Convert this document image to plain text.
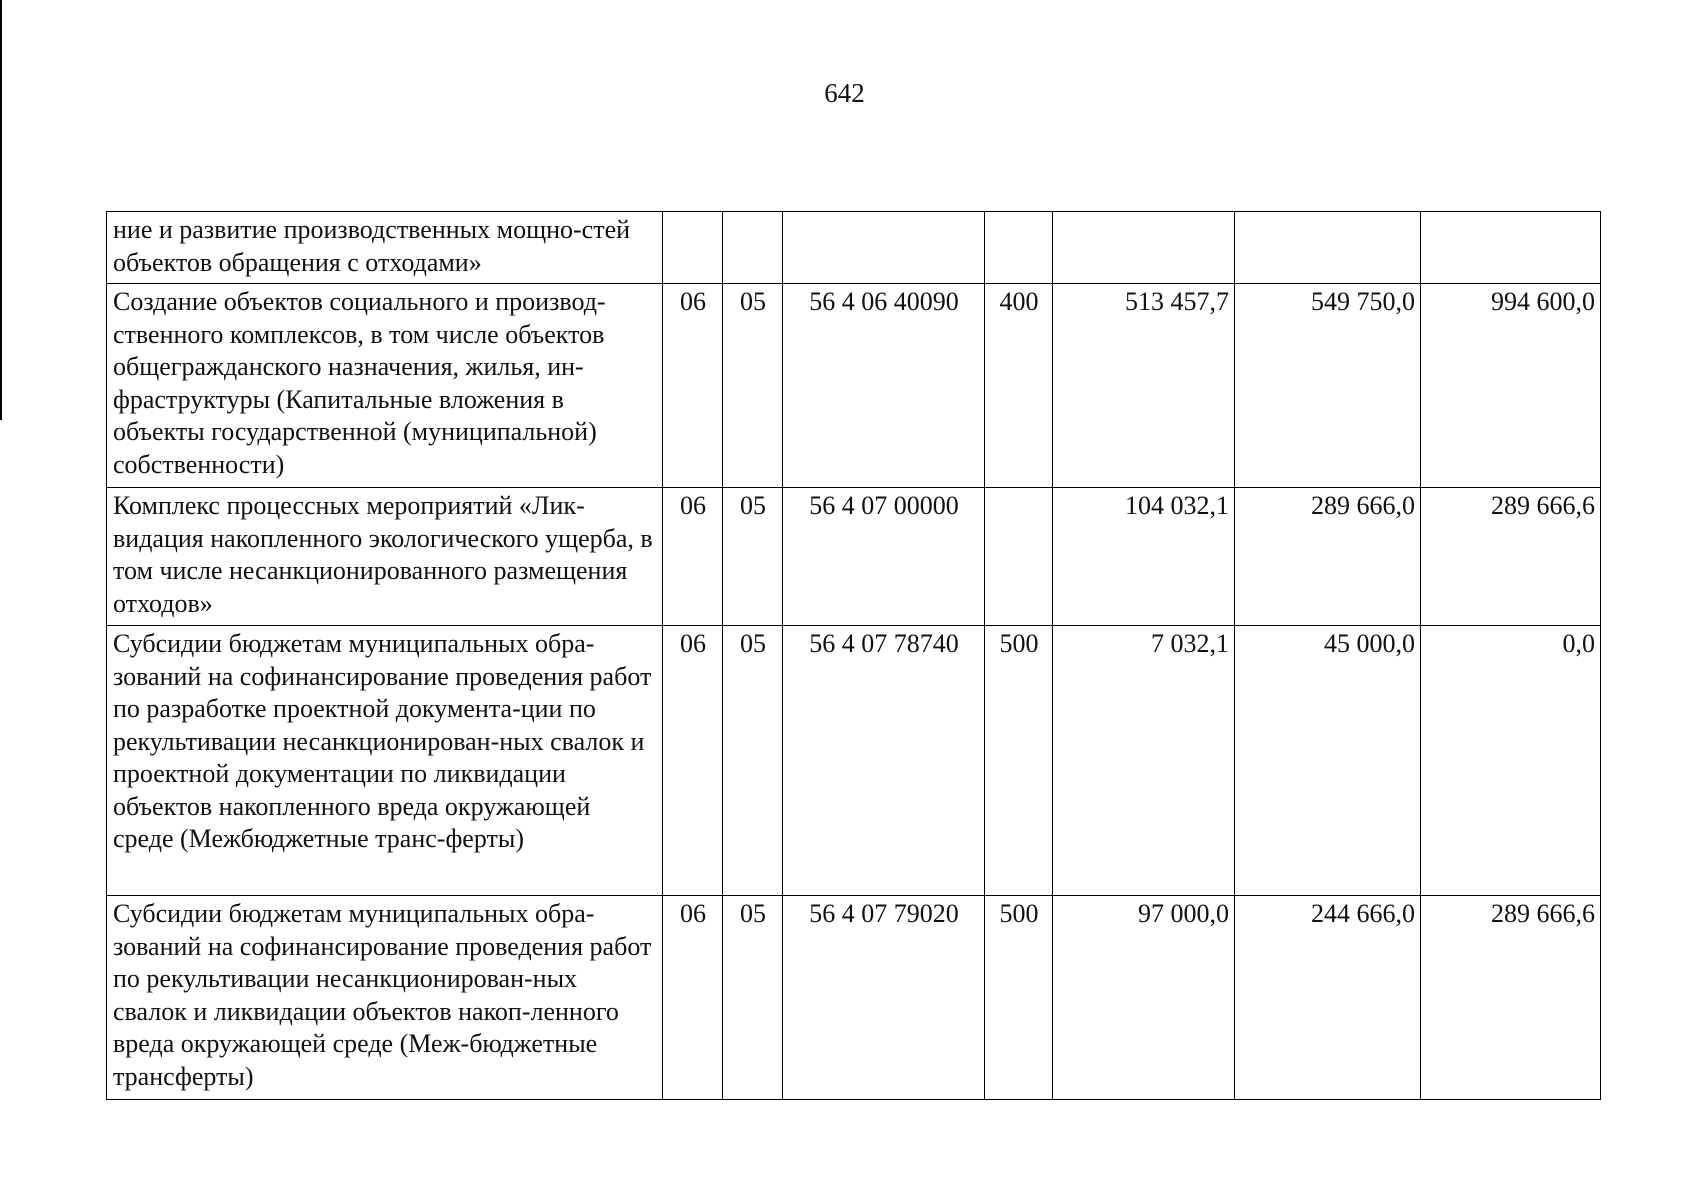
642
ние и развитие производственных мощно-стей объектов обращения с отходами»							
Создание объектов социального и производ-ственного комплексов, в том числе объектов общегражданского назначения, жилья, ин-фраструктуры (Капитальные вложения в объекты государственной (муниципальной) собственности)	06	05	56 4 06 40090	400	513 457,7	549 750,0	994 600,0
Комплекс процессных мероприятий «Лик-видация накопленного экологического ущерба, в том числе несанкционированного размещения отходов»	06	05	56 4 07 00000		104 032,1	289 666,0	289 666,6
Субсидии бюджетам муниципальных обра-зований на софинансирование проведения работ по разработке проектной документа-ции по рекультивации несанкционирован-ных свалок и проектной документации по ликвидации объектов накопленного вреда окружающей среде (Межбюджетные транс-ферты)	06	05	56 4 07 78740	500	7 032,1	45 000,0	0,0
Субсидии бюджетам муниципальных обра-зований на софинансирование проведения работ по рекультивации несанкционирован-ных свалок и ликвидации объектов накоп-ленного вреда окружающей среде (Меж-бюджетные трансферты)	06	05	56 4 07 79020	500	97 000,0	244 666,0	289 666,6
